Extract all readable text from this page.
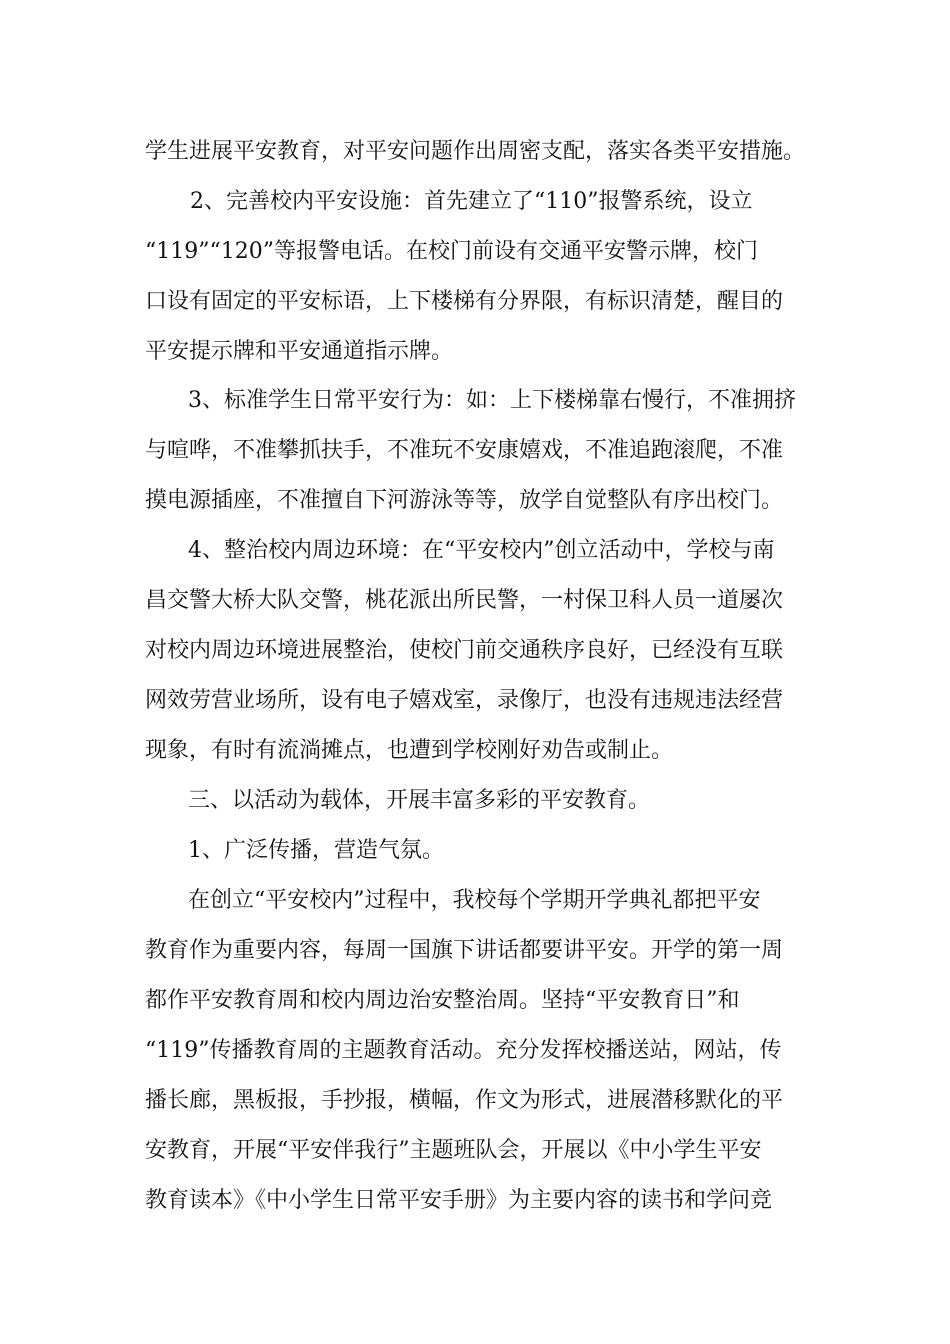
学生进展平安教育，对平安问题作出周密支配，落实各类平安措施。
2、完善校内平安设施：首先建立了“110”报警系统，设立
“119”“120”等报警电话。在校门前设有交通平安警示牌，校门
口设有固定的平安标语，上下楼梯有分界限，有标识清楚，醒目的
平安提示牌和平安通道指示牌。
3、标准学生日常平安行为：如：上下楼梯靠右慢行，不准拥挤
与喧哗，不准攀抓扶手，不准玩不安康嬉戏，不准追跑滚爬，不准
摸电源插座，不准擅自下河游泳等等，放学自觉整队有序出校门。
4、整治校内周边环境：在“平安校内”创立活动中，学校与南
昌交警大桥大队交警，桃花派出所民警，一村保卫科人员一道屡次
对校内周边环境进展整治，使校门前交通秩序良好，已经没有互联
网效劳营业场所，设有电子嬉戏室，录像厅，也没有违规违法经营
现象，有时有流淌摊点，也遭到学校刚好劝告或制止。
三、以活动为载体，开展丰富多彩的平安教育。
1、广泛传播，营造气氛。
在创立“平安校内”过程中，我校每个学期开学典礼都把平安
教育作为重要内容，每周一国旗下讲话都要讲平安。开学的第一周
都作平安教育周和校内周边治安整治周。坚持“平安教育日”和
“119”传播教育周的主题教育活动。充分发挥校播送站，网站，传
播长廊，黑板报，手抄报，横幅，作文为形式，进展潜移默化的平
安教育，开展“平安伴我行”主题班队会，开展以《中小学生平安
教育读本》《中小学生日常平安手册》为主要内容的读书和学问竞
